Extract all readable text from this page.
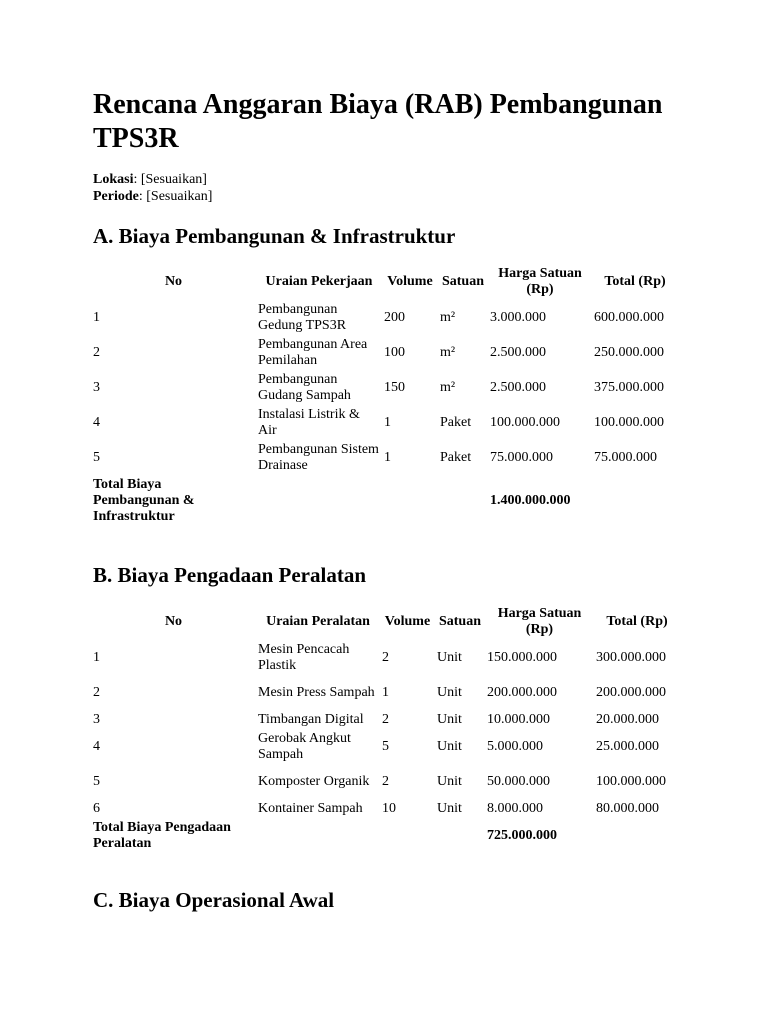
Rencana Anggaran Biaya (RAB) Pembangunan TPS3R
Lokasi: [Sesuaikan]
Periode: [Sesuaikan]
A. Biaya Pembangunan & Infrastruktur
No	Uraian Pekerjaan	Volume	Satuan	Harga Satuan (Rp)	Total (Rp)
1	Pembangunan Gedung TPS3R	200	m²	3.000.000	600.000.000
2	Pembangunan Area Pemilahan	100	m²	2.500.000	250.000.000
3	Pembangunan Gudang Sampah	150	m²	2.500.000	375.000.000
4	Instalasi Listrik & Air	1	Paket	100.000.000	100.000.000
5	Pembangunan Sistem Drainase	1	Paket	75.000.000	75.000.000
Total Biaya Pembangunan & Infrastruktur				1.400.000.000	
B. Biaya Pengadaan Peralatan
No	Uraian Peralatan	Volume	Satuan	Harga Satuan (Rp)	Total (Rp)
1	Mesin Pencacah Plastik	2	Unit	150.000.000	300.000.000
2	Mesin Press Sampah	1	Unit	200.000.000	200.000.000
3	Timbangan Digital	2	Unit	10.000.000	20.000.000
4	Gerobak Angkut Sampah	5	Unit	5.000.000	25.000.000
5	Komposter Organik	2	Unit	50.000.000	100.000.000
6	Kontainer Sampah	10	Unit	8.000.000	80.000.000
Total Biaya Pengadaan Peralatan				725.000.000	
C. Biaya Operasional Awal
